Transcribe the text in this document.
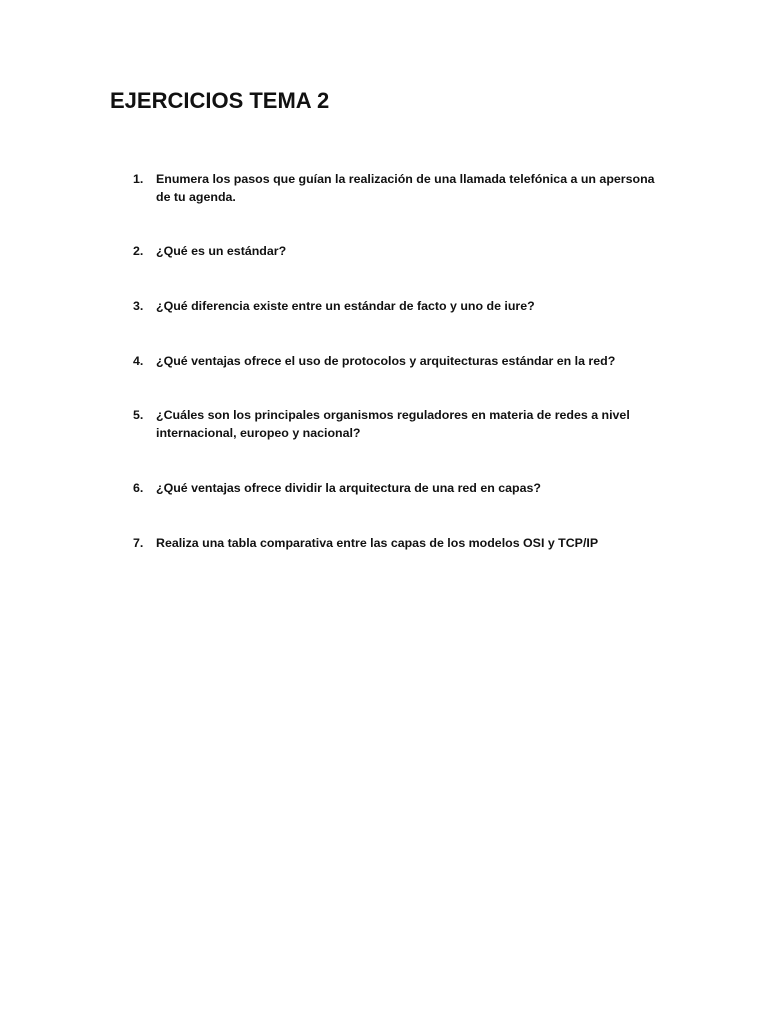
EJERCICIOS TEMA 2
1.	Enumera los pasos que guían la realización de una llamada telefónica a un apersona de tu agenda.
2.	¿Qué es un estándar?
3.	¿Qué diferencia existe entre un estándar de facto y uno de iure?
4.	¿Qué ventajas ofrece el uso de protocolos y arquitecturas estándar en la red?
5.	¿Cuáles son los principales organismos reguladores en materia de redes a nivel internacional, europeo y nacional?
6.	¿Qué ventajas ofrece dividir la arquitectura de una red en capas?
7.	Realiza una tabla comparativa entre las capas de los modelos OSI y TCP/IP
